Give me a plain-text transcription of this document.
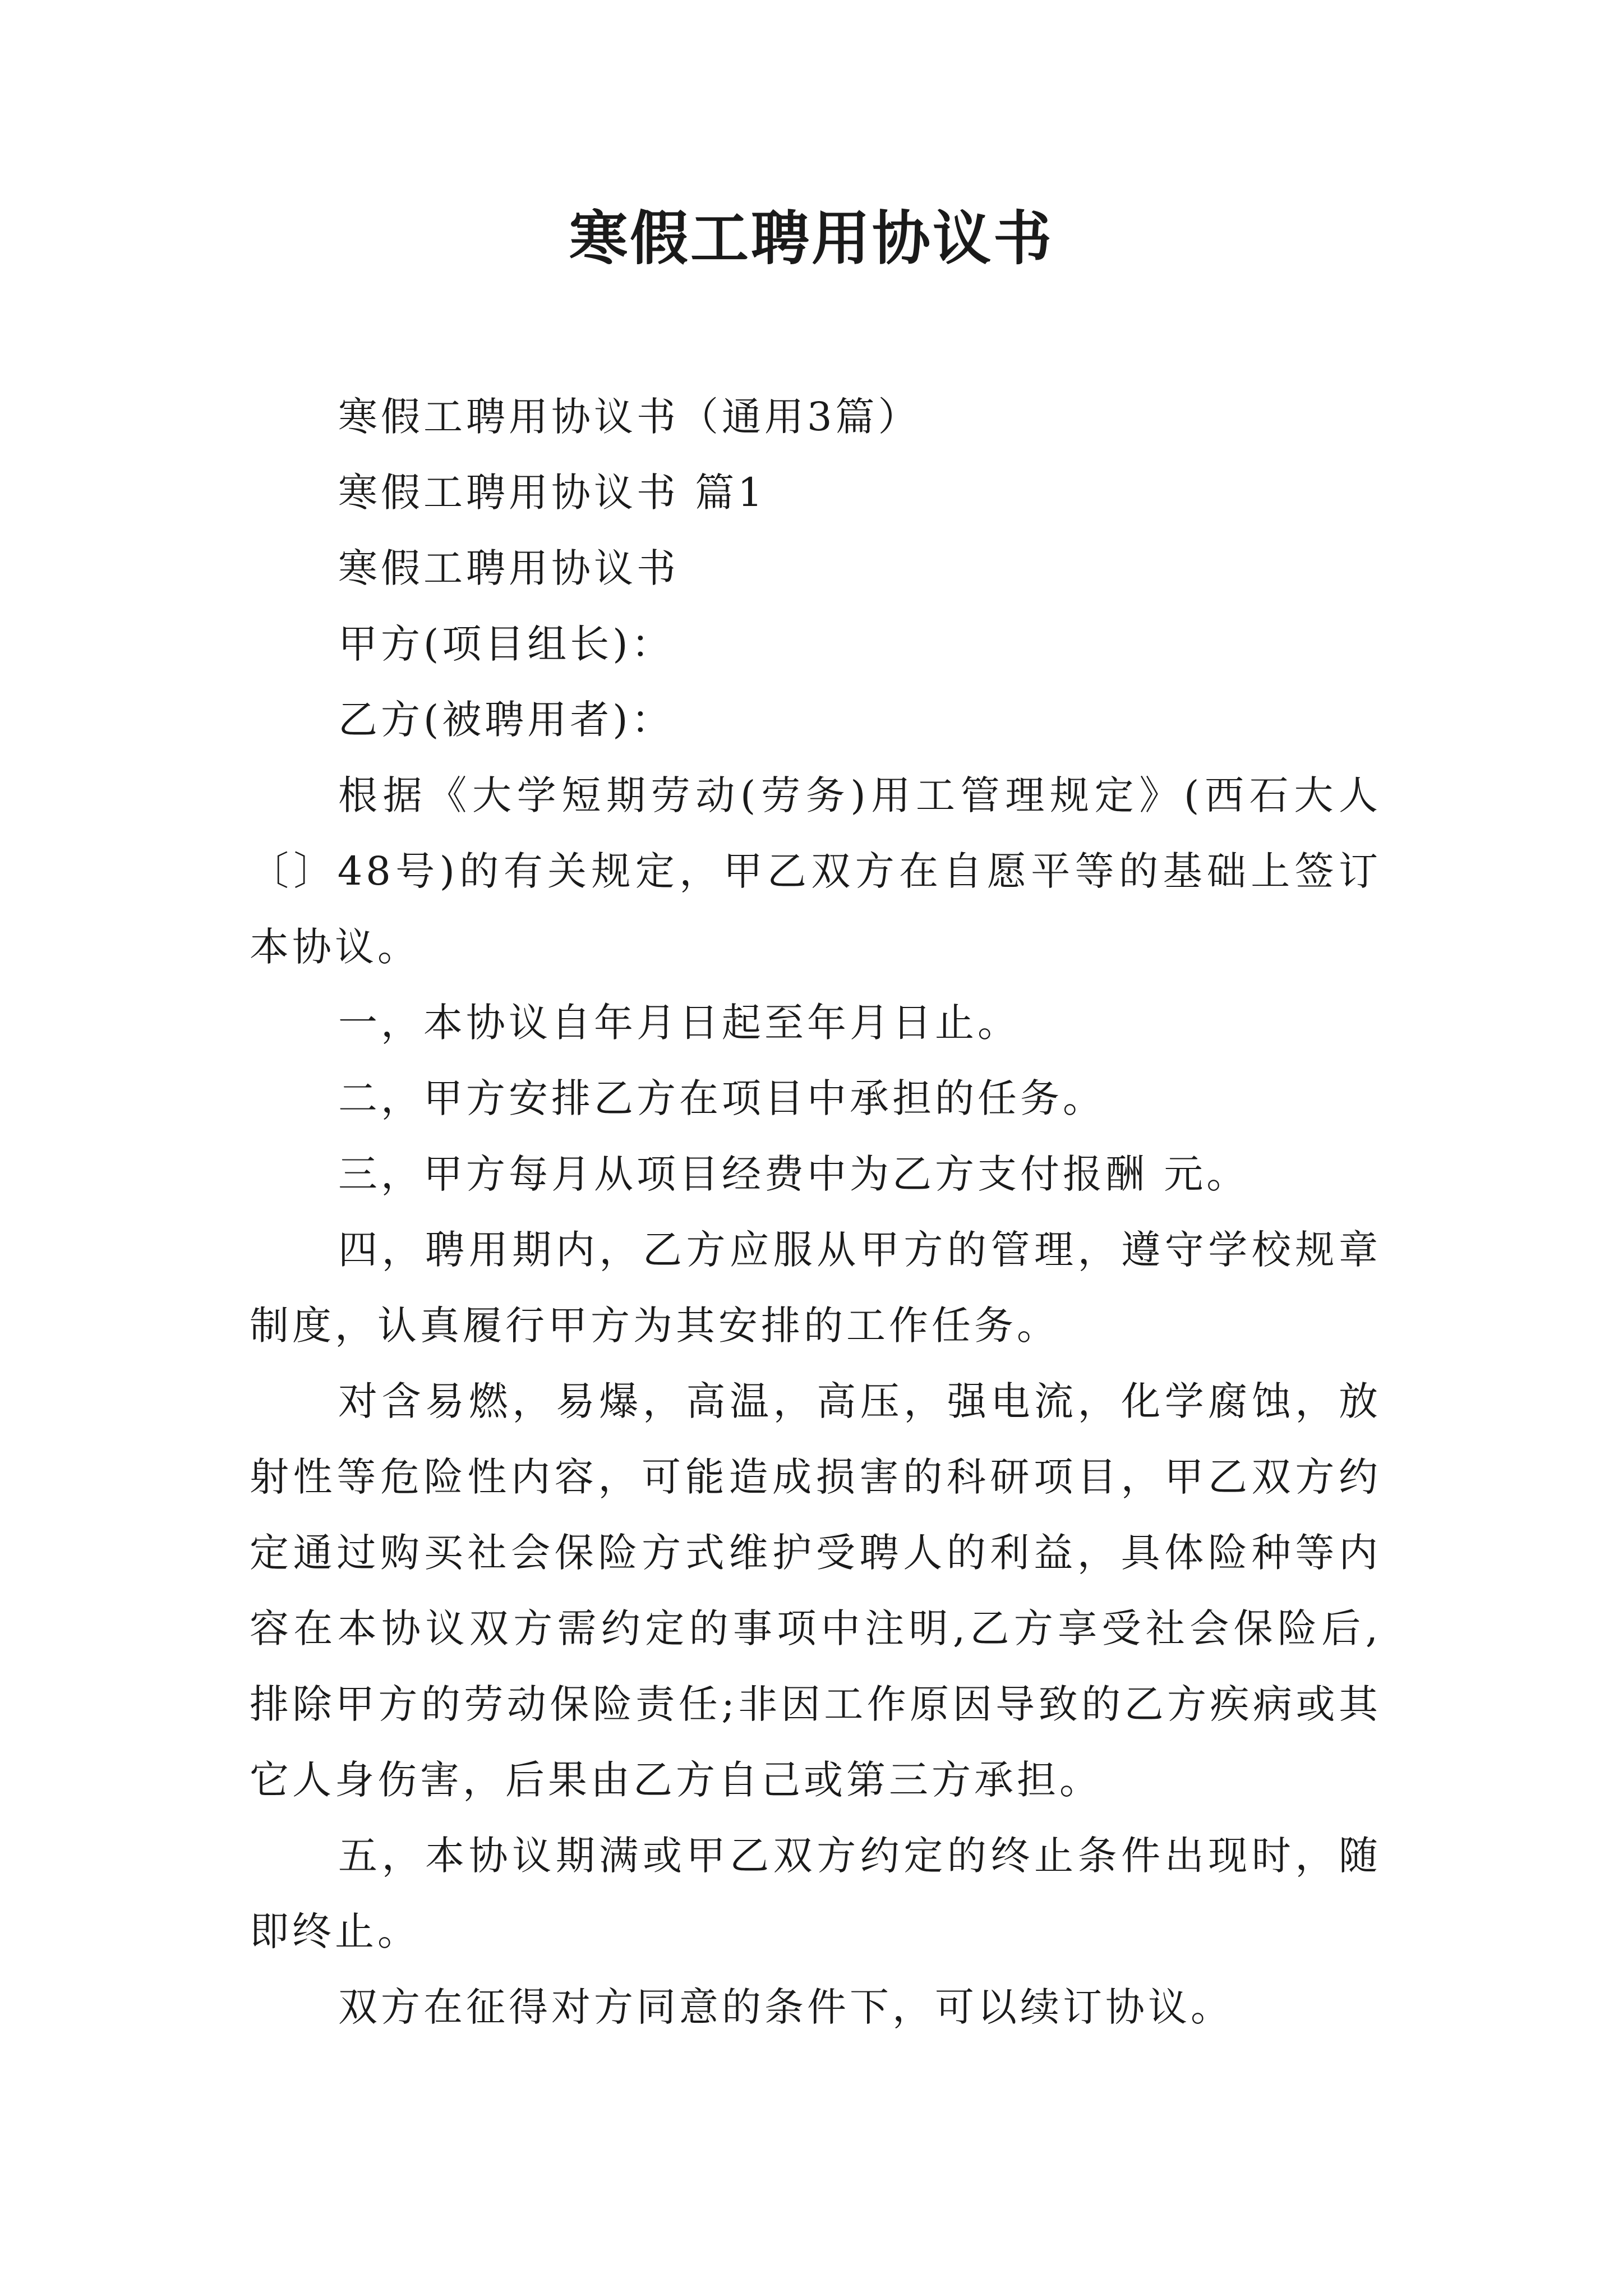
寒假工聘用协议书

寒假工聘用协议书（通用3篇）

寒假工聘用协议书 篇1

寒假工聘用协议书

甲方(项目组长)：

乙方(被聘用者)：

根据《大学短期劳动(劳务)用工管理规定》(西石大人〔〕48号)的有关规定，甲乙双方在自愿平等的基础上签订本协议。

一，本协议自年月日起至年月日止。

二，甲方安排乙方在项目中承担的任务。

三，甲方每月从项目经费中为乙方支付报酬 元。

四，聘用期内，乙方应服从甲方的管理，遵守学校规章制度，认真履行甲方为其安排的工作任务。

对含易燃，易爆，高温，高压，强电流，化学腐蚀，放射性等危险性内容，可能造成损害的科研项目，甲乙双方约定通过购买社会保险方式维护受聘人的利益，具体险种等内容在本协议双方需约定的事项中注明,乙方享受社会保险后,排除甲方的劳动保险责任;非因工作原因导致的乙方疾病或其它人身伤害，后果由乙方自己或第三方承担。

五，本协议期满或甲乙双方约定的终止条件出现时，随即终止。

双方在征得对方同意的条件下，可以续订协议。
